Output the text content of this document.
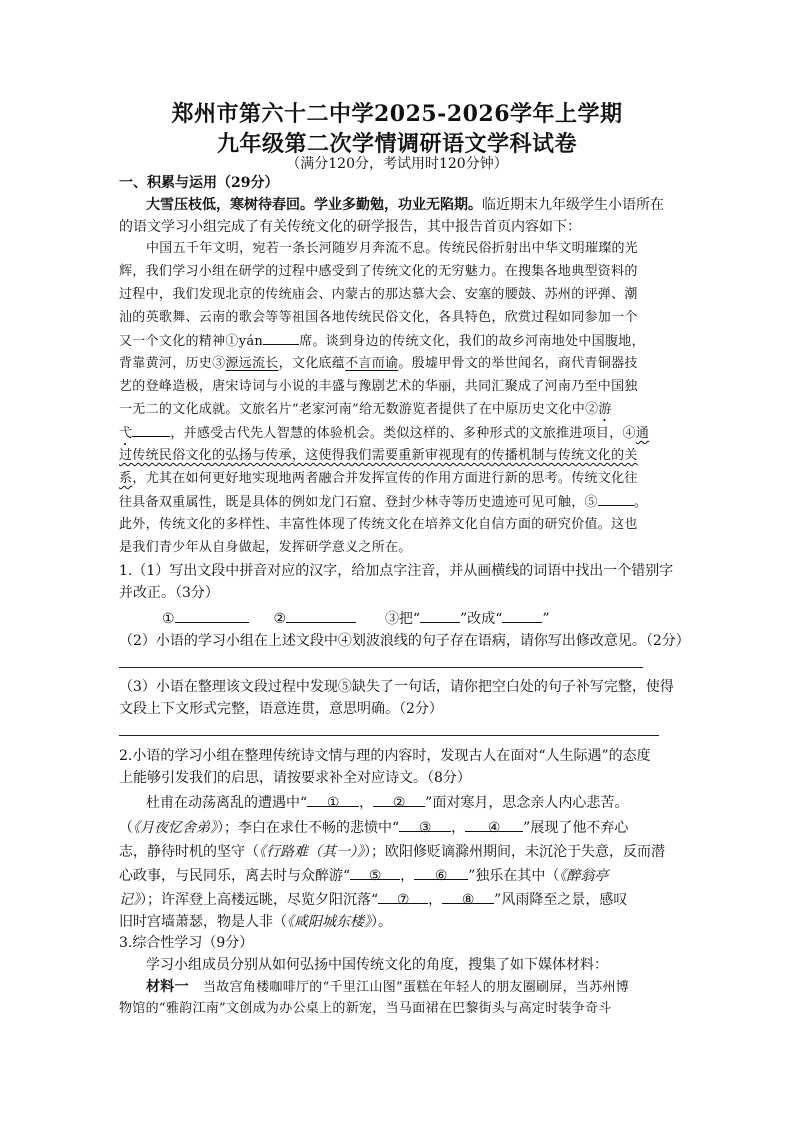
郑州市第六十二中学2025-2026学年上学期
九年级第二次学情调研语文学科试卷
（满分120分，考试用时120分钟）
一、积累与运用（29分）
大雪压枝低，寒树待春回。学业多勤勉，功业无陷期。临近期末九年级学生小语所在
的语文学习小组完成了有关传统文化的研学报告，其中报告首页内容如下：
中国五千年文明，宛若一条长河随岁月奔流不息。传统民俗折射出中华文明璀璨的光
辉，我们学习小组在研学的过程中感受到了传统文化的无穷魅力。在搜集各地典型资料的
过程中，我们发现北京的传统庙会、内蒙古的那达慕大会、安塞的腰鼓、苏州的评弹、潮
汕的英歌舞、云南的歌会等等祖国各地传统民俗文化，各具特色，欣赏过程如同参加一个
又一个文化的精神①yán	席。谈到身边的传统文化，我们的故乡河南地处中国腹地，
背靠黄河，历史③源远流长，文化底蕴不言而谕。殷墟甲骨文的举世闻名，商代青铜器技
艺的登峰造极，唐宋诗词与小说的丰盛与豫剧艺术的华丽，共同汇聚成了河南乃至中国独
一无二的文化成就。文旅名片“老家河南”给无数游览者提供了在中原历史文化中②游
弋	，并感受古代先人智慧的体验机会。类似这样的、多种形式的文旅推进项目，④通
过传统民俗文化的弘扬与传承，这使得我们需要重新审视现有的传播机制与传统文化的关
系，尤其在如何更好地实现地两者融合并发挥宣传的作用方面进行新的思考。传统文化往
往具备双重属性，既是具体的例如龙门石窟、登封少林寺等历史遗迹可见可触，⑤	。
此外，传统文化的多样性、丰富性体现了传统文化在培养文化自信方面的研究价值。这也
是我们青少年从自身做起，发挥研学意义之所在。
1.（1）写出文段中拼音对应的汉字，给加点字注音，并从画横线的词语中找出一个错别字
并改正。（3分）
①	②	③把“	”改成“	”
（2）小语的学习小组在上述文段中④划波浪线的句子存在语病，请你写出修改意见。（2分）
（3）小语在整理该文段过程中发现⑤缺失了一句话，请你把空白处的句子补写完整，使得
文段上下文形式完整，语意连贯，意思明确。（2分）
2.小语的学习小组在整理传统诗文情与理的内容时，发现古人在面对“人生际遇”的态度
上能够引发我们的启思，请按要求补全对应诗文。（8分）
杜甫在动荡离乱的遭遇中“ ① ， ② ”面对寒月，思念亲人内心悲苦。
（《月夜忆舍弟》）；李白在求仕不畅的悲愤中“ ③ ， ④ ”展现了他不弃心
志，静待时机的坚守（《行路难（其一）》）；欧阳修贬谪滁州期间，未沉沦于失意，反而潜
心政事，与民同乐，离去时与众醉游“ ⑤ ， ⑥ ”独乐在其中（《醉翁亭
记》）；许浑登上高楼远眺，尽览夕阳沉落“ ⑦ ， ⑧ ”风雨降至之景，感叹
旧时宫墙萧瑟，物是人非（《咸阳城东楼》）。
3.综合性学习（9分）
学习小组成员分别从如何弘扬中国传统文化的角度，搜集了如下媒体材料：
材料一 当故宫角楼咖啡厅的“千里江山图”蛋糕在年轻人的朋友圈刷屏，当苏州博
物馆的“雅韵江南”文创成为办公桌上的新宠，当马面裙在巴黎街头与高定时装争奇斗
